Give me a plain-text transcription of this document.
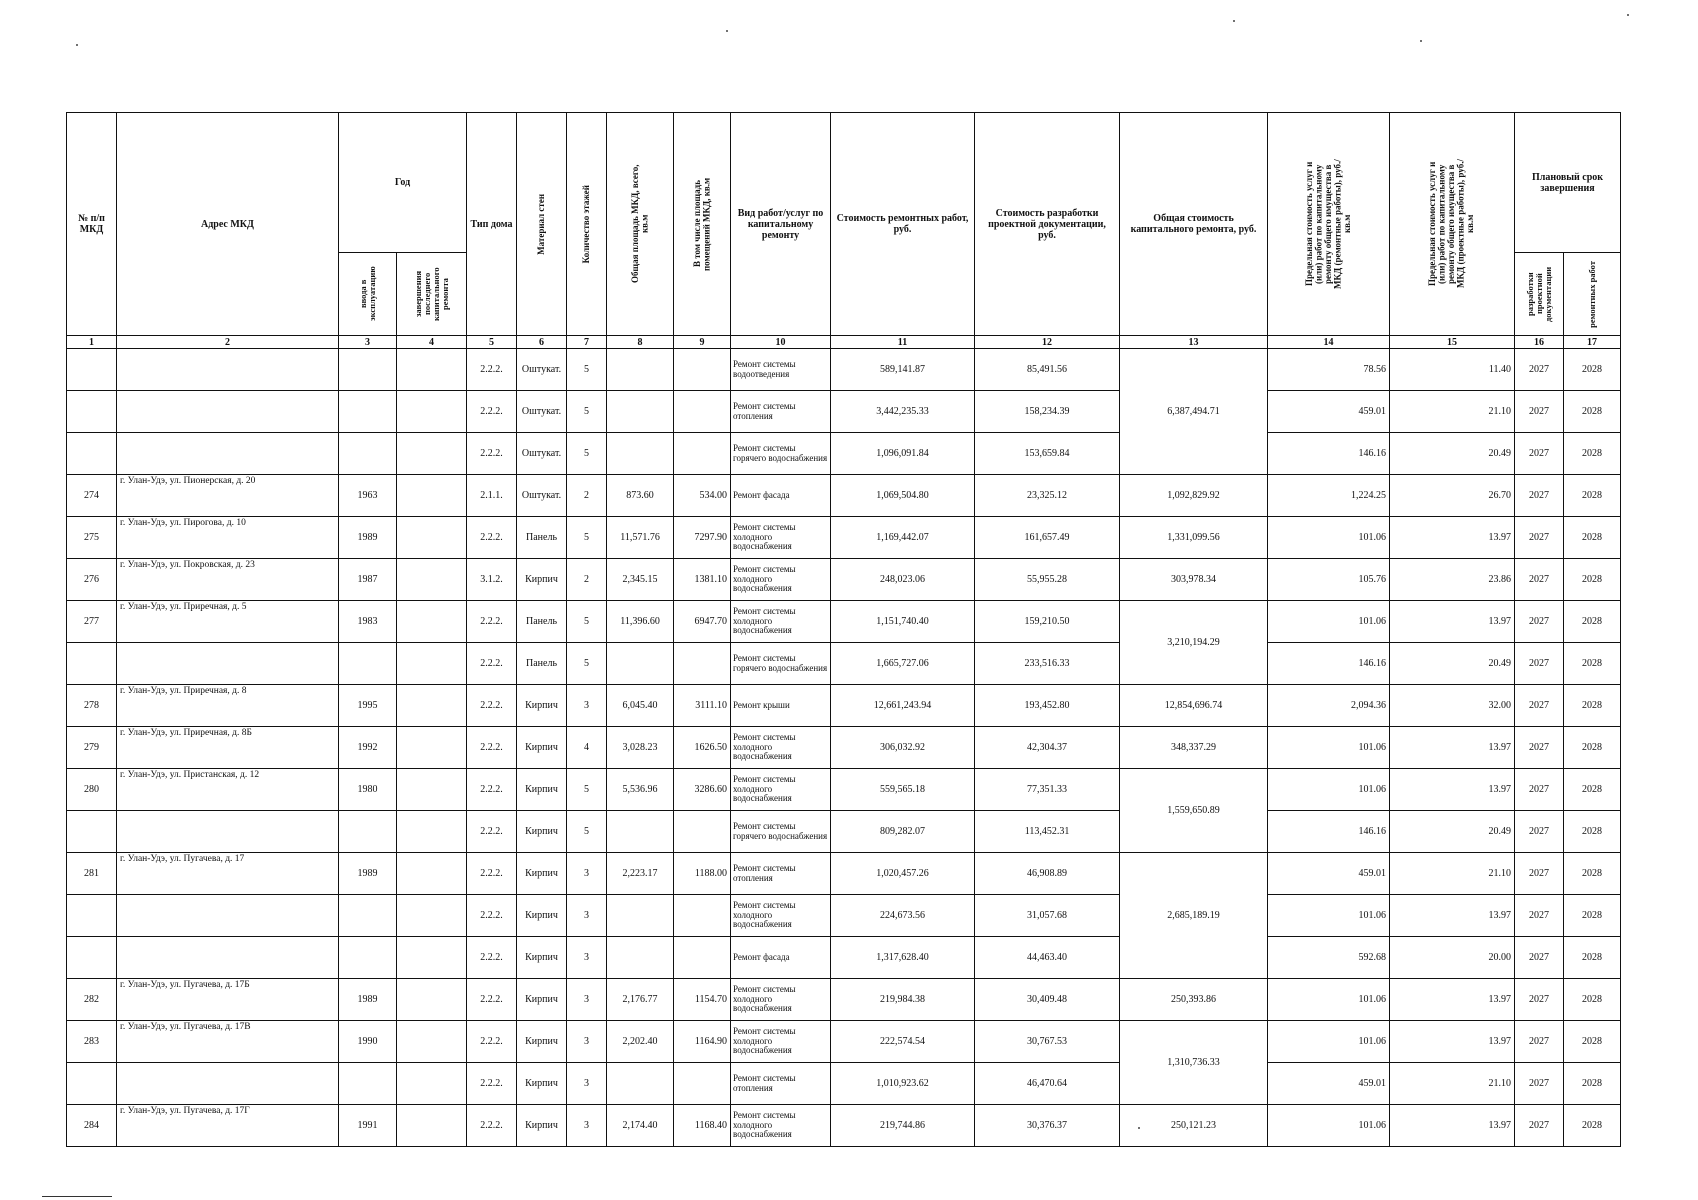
№ п/п МКД	Адрес МКД	Год		Тип дома	Материал стен	Количество этажей	Общая площадь МКД, всего, кв.м	В том числе площадь помещений МКД, кв.м	Вид работ/услуг по капитальному ремонту	Стоимость ремонтных работ, руб.	Стоимость разработки проектной документации, руб.	Общая стоимость капитального ремонта, руб.	Предельная стоимость услуг и (или) работ по капитальному ремонту общего имущества в МКД (ремонтные работы), руб./кв.м	Предельная стоимость услуг и (или) работ по капитальному ремонту общего имущества в МКД (проектные работы), руб./кв.м	Плановый срок завершения	

		ввода в эксплуатацию	завершения последнего капитального ремонта												разработки проектной документации	ремонтных работ

1	2	3	4	5	6	7	8	9	10	11	12	13	14	15	16	17
				2.2.2.	Оштукат.	5			Ремонт системы водоотведения	589,141.87	85,491.56	6,387,494.71	78.56	11.40	2027	2028
				2.2.2.	Оштукат.	5			Ремонт системы отопления	3,442,235.33	158,234.39		459.01	21.10	2027	2028
				2.2.2.	Оштукат.	5			Ремонт системы горячего водоснабжения	1,096,091.84	153,659.84		146.16	20.49	2027	2028
274	г. Улан-Удэ, ул. Пионерская, д. 20	1963		2.1.1.	Оштукат.	2	873.60	534.00	Ремонт фасада	1,069,504.80	23,325.12	1,092,829.92	1,224.25	26.70	2027	2028
275	г. Улан-Удэ, ул. Пирогова, д. 10	1989		2.2.2.	Панель	5	11,571.76	7297.90	Ремонт системы холодного водоснабжения	1,169,442.07	161,657.49	1,331,099.56	101.06	13.97	2027	2028
276	г. Улан-Удэ, ул. Покровская, д. 23	1987		3.1.2.	Кирпич	2	2,345.15	1381.10	Ремонт системы холодного водоснабжения	248,023.06	55,955.28	303,978.34	105.76	23.86	2027	2028
277	г. Улан-Удэ, ул. Приречная, д. 5	1983		2.2.2.	Панель	5	11,396.60	6947.70	Ремонт системы холодного водоснабжения	1,151,740.40	159,210.50	3,210,194.29	101.06	13.97	2027	2028
				2.2.2.	Панель	5			Ремонт системы горячего водоснабжения	1,665,727.06	233,516.33		146.16	20.49	2027	2028
278	г. Улан-Удэ, ул. Приречная, д. 8	1995		2.2.2.	Кирпич	3	6,045.40	3111.10	Ремонт крыши	12,661,243.94	193,452.80	12,854,696.74	2,094.36	32.00	2027	2028
279	г. Улан-Удэ, ул. Приречная, д. 8Б	1992		2.2.2.	Кирпич	4	3,028.23	1626.50	Ремонт системы холодного водоснабжения	306,032.92	42,304.37	348,337.29	101.06	13.97	2027	2028
280	г. Улан-Удэ, ул. Пристанская, д. 12	1980		2.2.2.	Кирпич	5	5,536.96	3286.60	Ремонт системы холодного водоснабжения	559,565.18	77,351.33	1,559,650.89	101.06	13.97	2027	2028
				2.2.2.	Кирпич	5			Ремонт системы горячего водоснабжения	809,282.07	113,452.31		146.16	20.49	2027	2028
281	г. Улан-Удэ, ул. Пугачева, д. 17	1989		2.2.2.	Кирпич	3	2,223.17	1188.00	Ремонт системы отопления	1,020,457.26	46,908.89	2,685,189.19	459.01	21.10	2027	2028
				2.2.2.	Кирпич	3			Ремонт системы холодного водоснабжения	224,673.56	31,057.68		101.06	13.97	2027	2028
				2.2.2.	Кирпич	3			Ремонт фасада	1,317,628.40	44,463.40		592.68	20.00	2027	2028
282	г. Улан-Удэ, ул. Пугачева, д. 17Б	1989		2.2.2.	Кирпич	3	2,176.77	1154.70	Ремонт системы холодного водоснабжения	219,984.38	30,409.48	250,393.86	101.06	13.97	2027	2028
283	г. Улан-Удэ, ул. Пугачева, д. 17В	1990		2.2.2.	Кирпич	3	2,202.40	1164.90	Ремонт системы холодного водоснабжения	222,574.54	30,767.53	1,310,736.33	101.06	13.97	2027	2028
				2.2.2.	Кирпич	3			Ремонт системы отопления	1,010,923.62	46,470.64		459.01	21.10	2027	2028
284	г. Улан-Удэ, ул. Пугачева, д. 17Г	1991		2.2.2.	Кирпич	3	2,174.40	1168.40	Ремонт системы холодного водоснабжения	219,744.86	30,376.37	250,121.23	101.06	13.97	2027	2028
